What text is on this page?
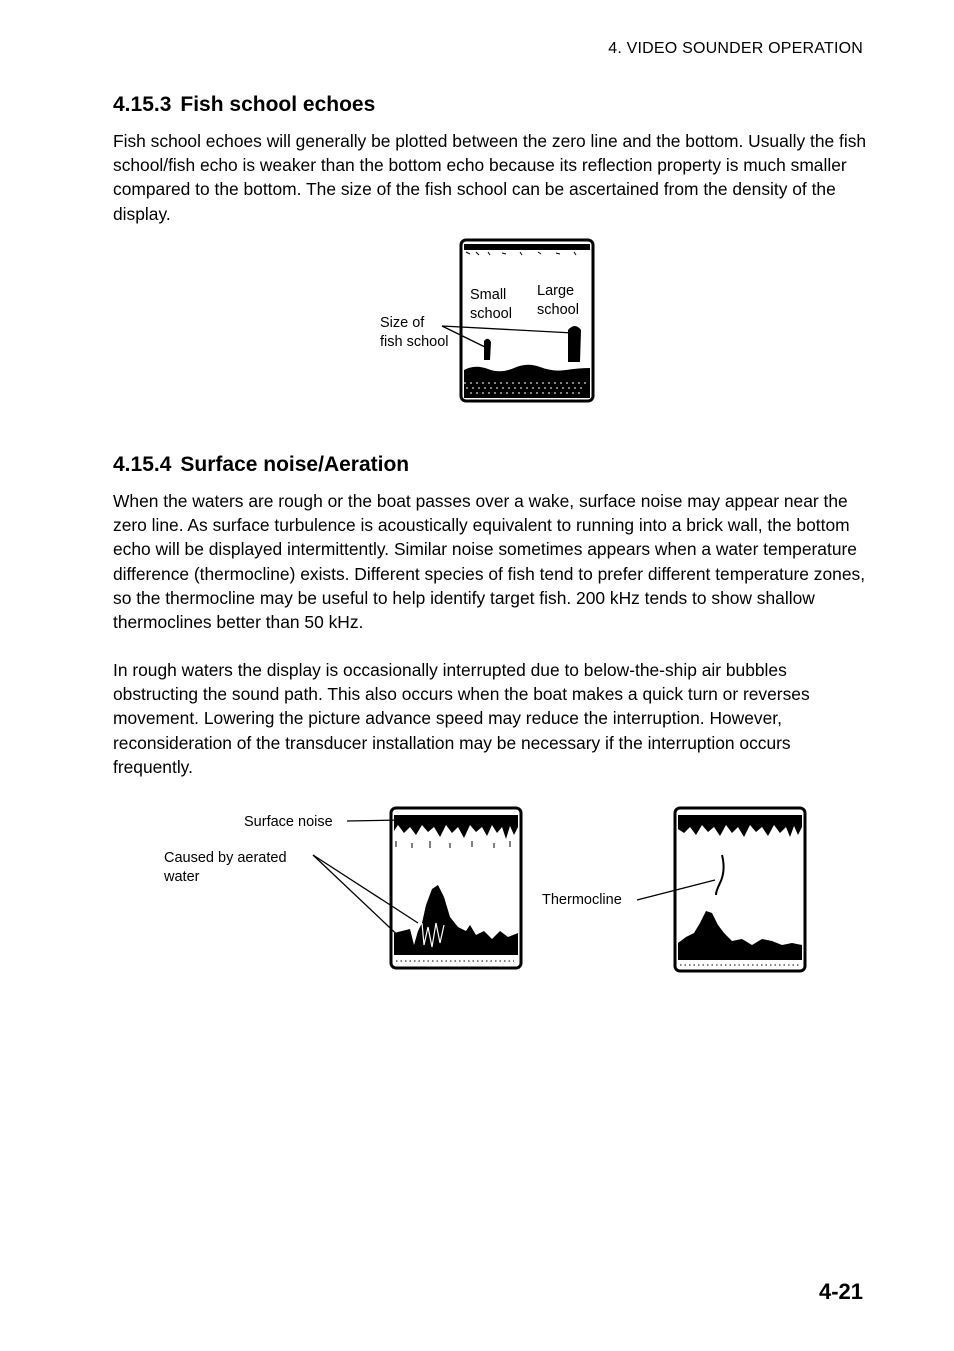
4. VIDEO SOUNDER OPERATION
4.15.3 Fish school echoes

Fish school echoes will generally be plotted between the zero line and the bottom. Usually the fish school/fish echo is weaker than the bottom echo because its reflection property is much smaller compared to the bottom. The size of the fish school can be ascertained from the density of the display.

Small
school
Large
school
Size of
fish school
4.15.4 Surface noise/Aeration

When the waters are rough or the boat passes over a wake, surface noise may appear near the zero line. As surface turbulence is acoustically equivalent to running into a brick wall, the bottom echo will be displayed intermittently. Similar noise sometimes appears when a water temperature difference (thermocline) exists. Different species of fish tend to prefer different temperature zones, so the thermocline may be useful to help identify target fish. 200 kHz tends to show shallow thermoclines better than 50 kHz.

In rough waters the display is occasionally interrupted due to below-the-ship air bubbles obstructing the sound path. This also occurs when the boat makes a quick turn or reverses movement. Lowering the picture advance speed may reduce the interruption. However, reconsideration of the transducer installation may be necessary if the interruption occurs frequently.

Surface noise
Caused by aerated
water
Thermocline
4-21
